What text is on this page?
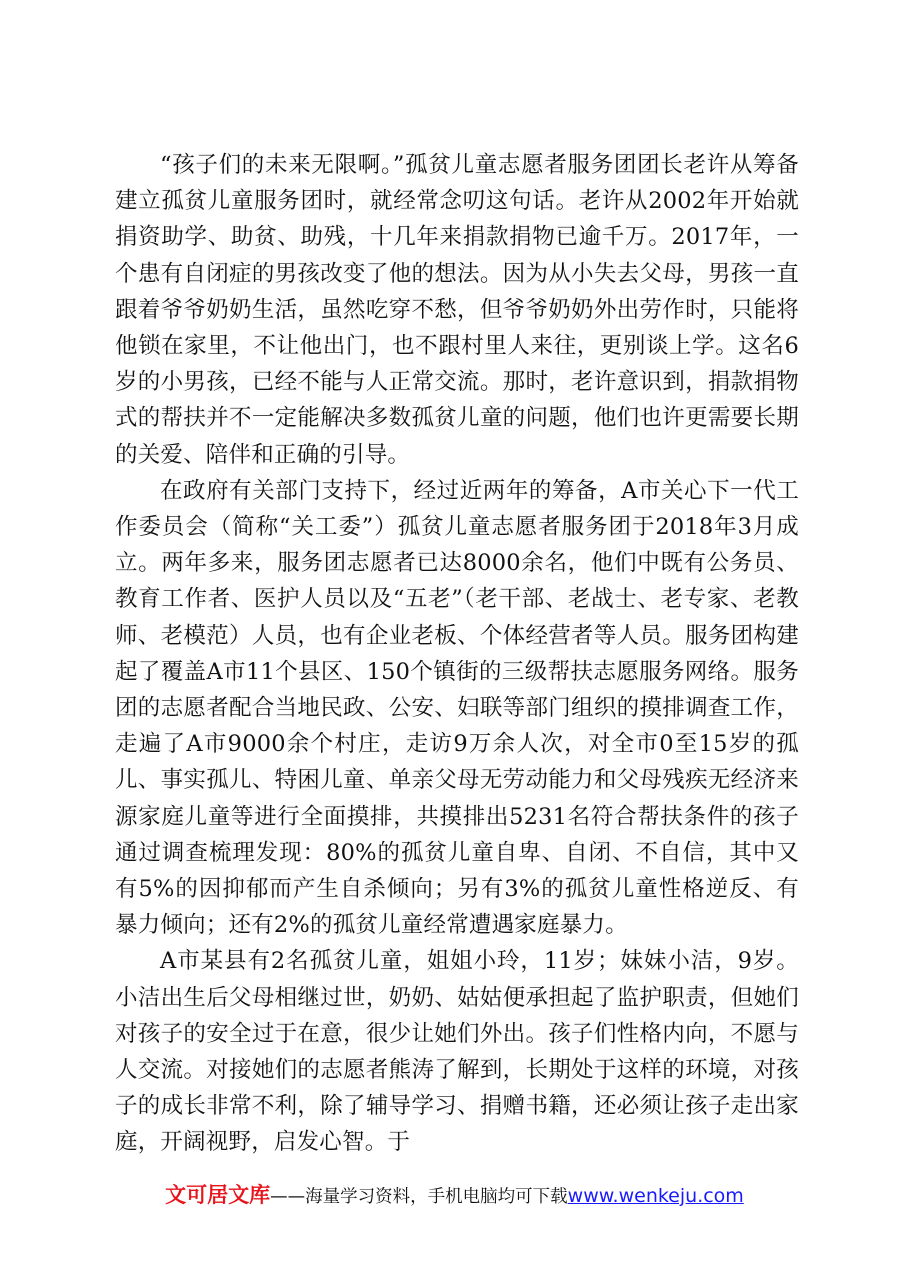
“孩子们的未来无限啊。”孤贫儿童志愿者服务团团长老许从筹备建立孤贫儿童服务团时，就经常念叨这句话。老许从2002年开始就捐资助学、助贫、助残，十几年来捐款捐物已逾千万。2017年，一个患有自闭症的男孩改变了他的想法。因为从小失去父母，男孩一直跟着爷爷奶奶生活，虽然吃穿不愁，但爷爷奶奶外出劳作时，只能将他锁在家里，不让他出门，也不跟村里人来往，更别谈上学。这名6岁的小男孩，已经不能与人正常交流。那时，老许意识到，捐款捐物式的帮扶并不一定能解决多数孤贫儿童的问题，他们也许更需要长期的关爱、陪伴和正确的引导。

在政府有关部门支持下，经过近两年的筹备，A市关心下一代工作委员会（简称“关工委”）孤贫儿童志愿者服务团于2018年3月成立。两年多来，服务团志愿者已达8000余名，他们中既有公务员、教育工作者、医护人员以及“五老”（老干部、老战士、老专家、老教师、老模范）人员，也有企业老板、个体经营者等人员。服务团构建起了覆盖A市11个县区、150个镇街的三级帮扶志愿服务网络。服务团的志愿者配合当地民政、公安、妇联等部门组织的摸排调查工作，走遍了A市9000余个村庄，走访9万余人次，对全市0至15岁的孤儿、事实孤儿、特困儿童、单亲父母无劳动能力和父母残疾无经济来源家庭儿童等进行全面摸排，共摸排出5231名符合帮扶条件的孩子通过调查梳理发现：80%的孤贫儿童自卑、自闭、不自信，其中又有5%的因抑郁而产生自杀倾向；另有3%的孤贫儿童性格逆反、有暴力倾向；还有2%的孤贫儿童经常遭遇家庭暴力。

A市某县有2名孤贫儿童，姐姐小玲，11岁；妹妹小洁，9岁。小洁出生后父母相继过世，奶奶、姑姑便承担起了监护职责，但她们对孩子的安全过于在意，很少让她们外出。孩子们性格内向，不愿与人交流。对接她们的志愿者熊涛了解到，长期处于这样的环境，对孩子的成长非常不利，除了辅导学习、捐赠书籍，还必须让孩子走出家庭，开阔视野，启发心智。于

文可居文库——海量学习资料，手机电脑均可下载www.wenkeju.com
